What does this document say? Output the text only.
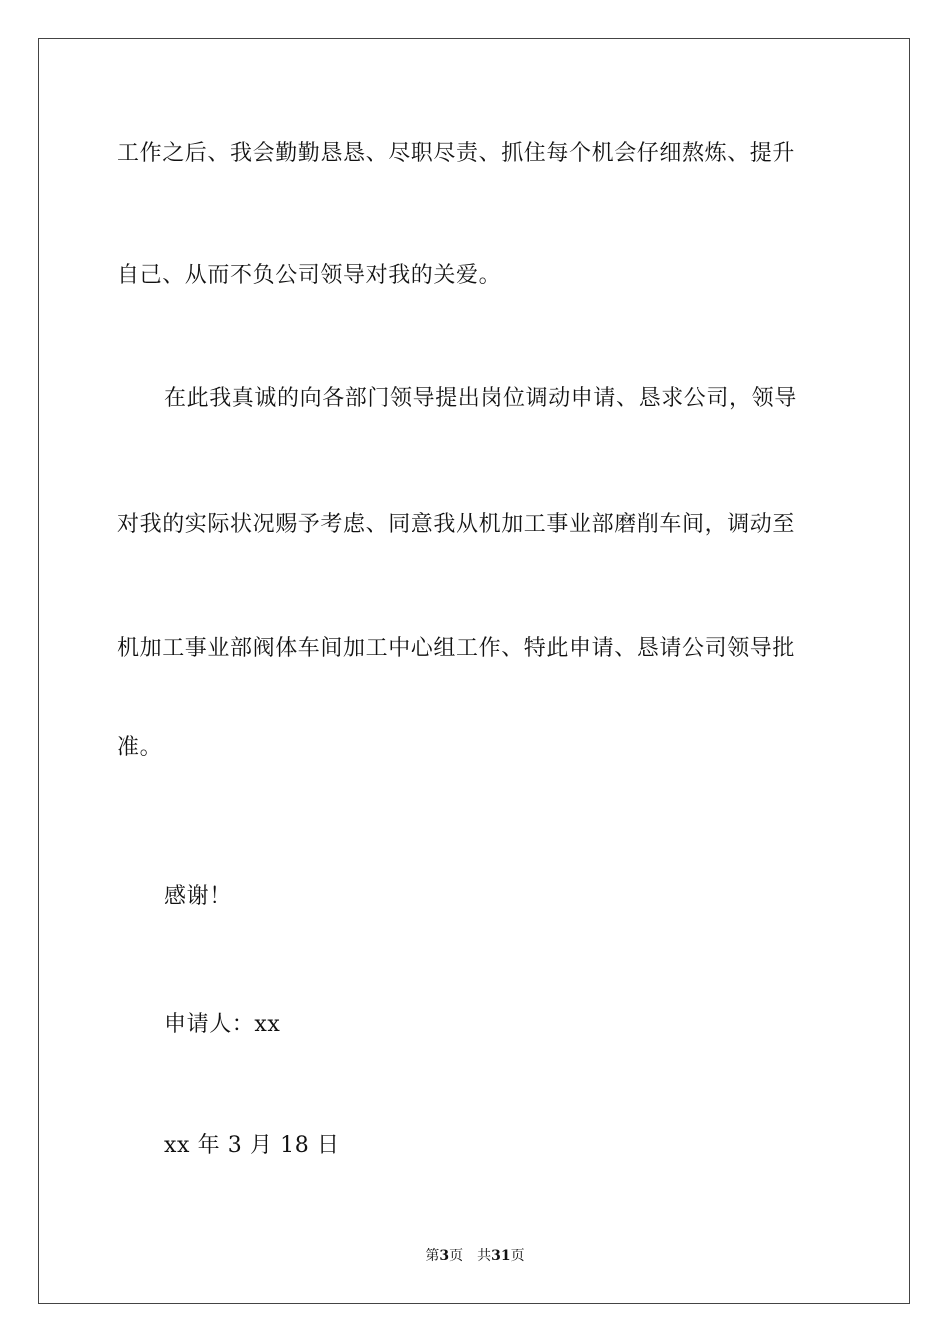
工作之后、我会勤勤恳恳、尽职尽责、抓住每个机会仔细熬炼、提升
自己、从而不负公司领导对我的关爱。
在此我真诚的向各部门领导提出岗位调动申请、恳求公司，领导
对我的实际状况赐予考虑、同意我从机加工事业部磨削车间，调动至
机加工事业部阀体车间加工中心组工作、特此申请、恳请公司领导批
准。
感谢！
申请人：xx
xx 年 3 月 18 日
第3页 共31页
